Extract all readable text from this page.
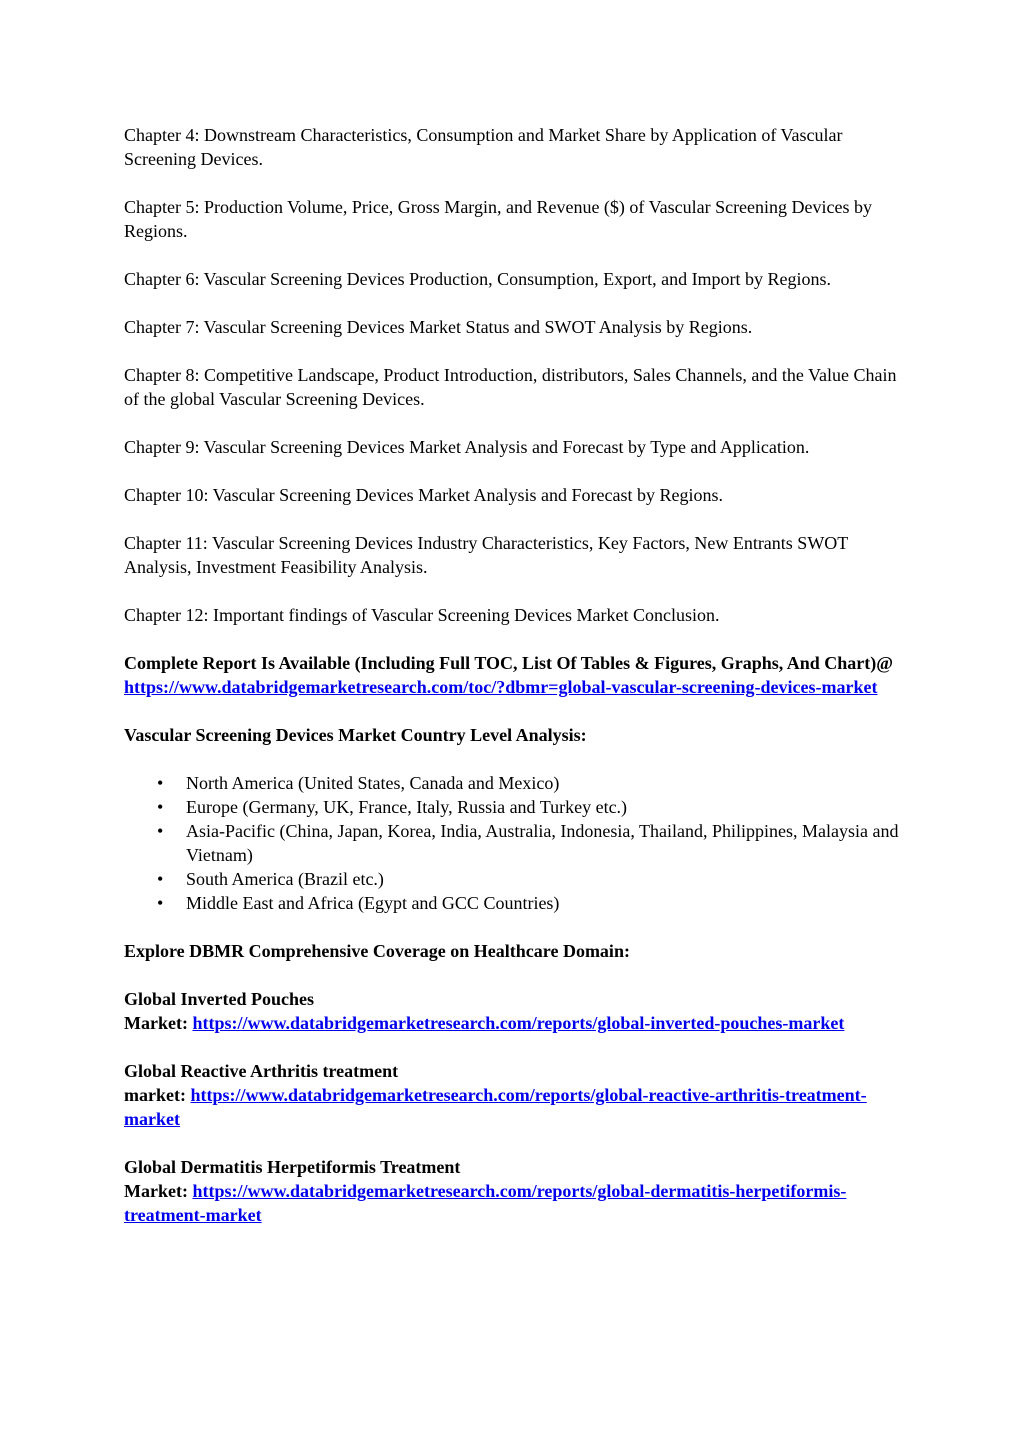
Chapter 4: Downstream Characteristics, Consumption and Market Share by Application of Vascular Screening Devices.

Chapter 5: Production Volume, Price, Gross Margin, and Revenue ($) of Vascular Screening Devices by Regions.

Chapter 6: Vascular Screening Devices Production, Consumption, Export, and Import by Regions.

Chapter 7: Vascular Screening Devices Market Status and SWOT Analysis by Regions.

Chapter 8: Competitive Landscape, Product Introduction, distributors, Sales Channels, and the Value Chain of the global Vascular Screening Devices.

Chapter 9: Vascular Screening Devices Market Analysis and Forecast by Type and Application.

Chapter 10: Vascular Screening Devices Market Analysis and Forecast by Regions.

Chapter 11: Vascular Screening Devices Industry Characteristics, Key Factors, New Entrants SWOT Analysis, Investment Feasibility Analysis.

Chapter 12: Important findings of Vascular Screening Devices Market Conclusion.

Complete Report Is Available (Including Full TOC, List Of Tables & Figures, Graphs, And Chart)@https://www.databridgemarketresearch.com/toc/?dbmr=global-vascular-screening-devices-market

Vascular Screening Devices Market Country Level Analysis:

• North America (United States, Canada and Mexico)
• Europe (Germany, UK, France, Italy, Russia and Turkey etc.)
• Asia-Pacific (China, Japan, Korea, India, Australia, Indonesia, Thailand, Philippines, Malaysia and Vietnam)
• South America (Brazil etc.)
• Middle East and Africa (Egypt and GCC Countries)

Explore DBMR Comprehensive Coverage on Healthcare Domain:

Global Inverted Pouches
Market: https://www.databridgemarketresearch.com/reports/global-inverted-pouches-market

Global Reactive Arthritis treatment
market: https://www.databridgemarketresearch.com/reports/global-reactive-arthritis-treatment-market

Global Dermatitis Herpetiformis Treatment
Market: https://www.databridgemarketresearch.com/reports/global-dermatitis-herpetiformis-treatment-market
